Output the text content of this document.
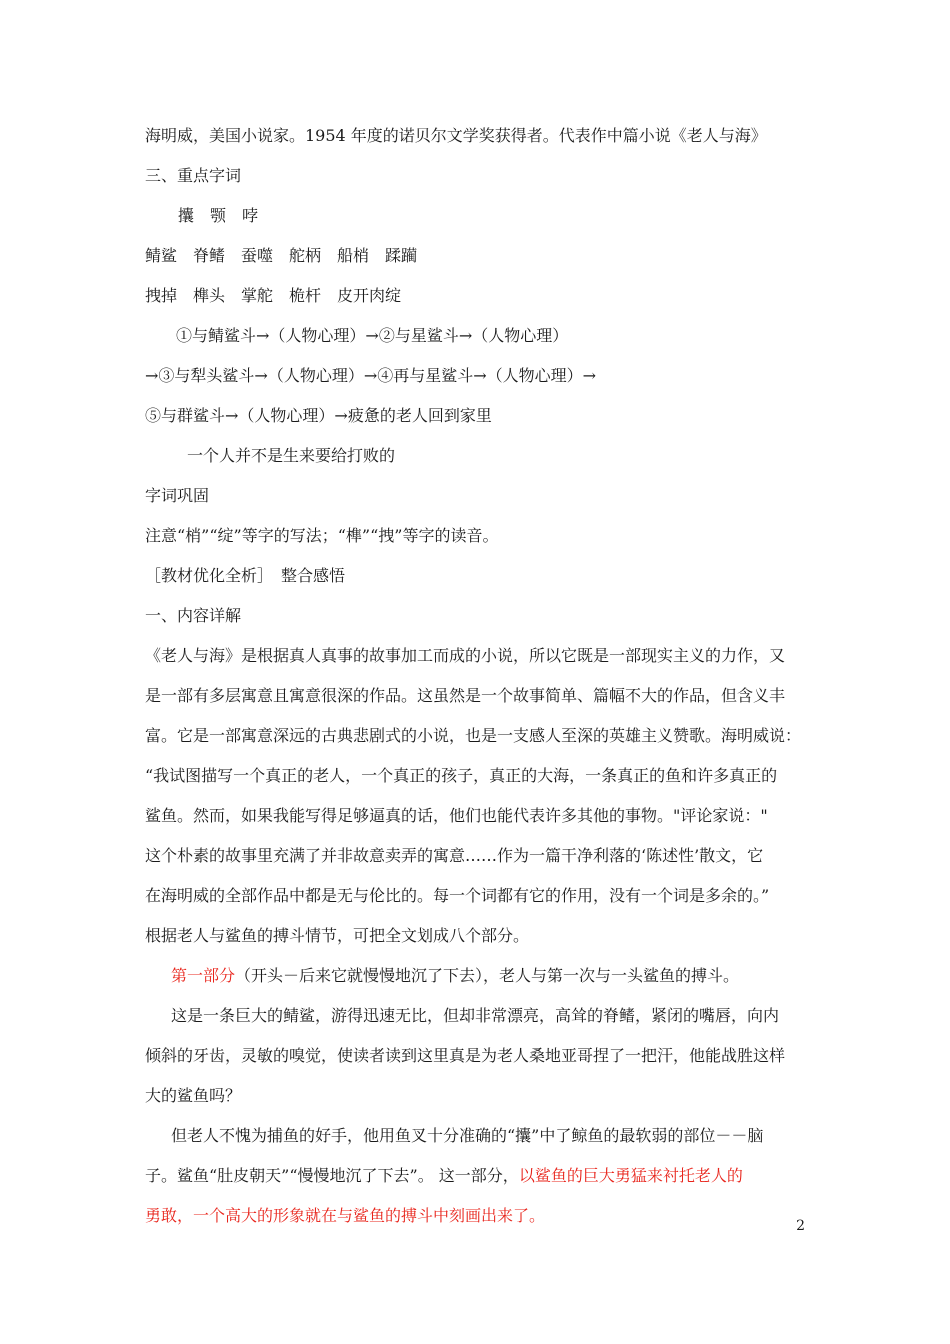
海明威，美国小说家。1954 年度的诺贝尔文学奖获得者。代表作中篇小说《老人与海》
三、重点字词
攮　颚　哱
鲭鲨　脊鳍　蚕噬　舵柄　船梢　蹂躏
拽掉　榫头　掌舵　桅杆　皮开肉绽
①与鲭鲨斗→（人物心理）→②与星鲨斗→（人物心理）
→③与犁头鲨斗→（人物心理）→④再与星鲨斗→（人物心理）→
⑤与群鲨斗→（人物心理）→疲惫的老人回到家里
一个人并不是生来要给打败的
字词巩固
注意“梢”“绽”等字的写法；“榫”“拽”等字的读音。
［教材优化全析］　整合感悟
一、内容详解
《老人与海》是根据真人真事的故事加工而成的小说，所以它既是一部现实主义的力作，又
是一部有多层寓意且寓意很深的作品。这虽然是一个故事简单、篇幅不大的作品，但含义丰
富。它是一部寓意深远的古典悲剧式的小说，也是一支感人至深的英雄主义赞歌。海明威说：
“我试图描写一个真正的老人，一个真正的孩子，真正的大海，一条真正的鱼和许多真正的
鲨鱼。然而，如果我能写得足够逼真的话，他们也能代表许多其他的事物。"评论家说："
这个朴素的故事里充满了并非故意卖弄的寓意……作为一篇干净利落的‘陈述性’散文，它
在海明威的全部作品中都是无与伦比的。每一个词都有它的作用，没有一个词是多余的。”
根据老人与鲨鱼的搏斗情节，可把全文划成八个部分。
第一部分（开头－后来它就慢慢地沉了下去），老人与第一次与一头鲨鱼的搏斗。
这是一条巨大的鲭鲨，游得迅速无比，但却非常漂亮，高耸的脊鳍，紧闭的嘴唇，向内
倾斜的牙齿，灵敏的嗅觉，使读者读到这里真是为老人桑地亚哥捏了一把汗，他能战胜这样
大的鲨鱼吗？
但老人不愧为捕鱼的好手，他用鱼叉十分准确的“攮”中了鲸鱼的最软弱的部位－－脑
子。鲨鱼“肚皮朝天”“慢慢地沉了下去”。 这一部分，以鲨鱼的巨大勇猛来衬托老人的
勇敢，一个高大的形象就在与鲨鱼的搏斗中刻画出来了。
2
